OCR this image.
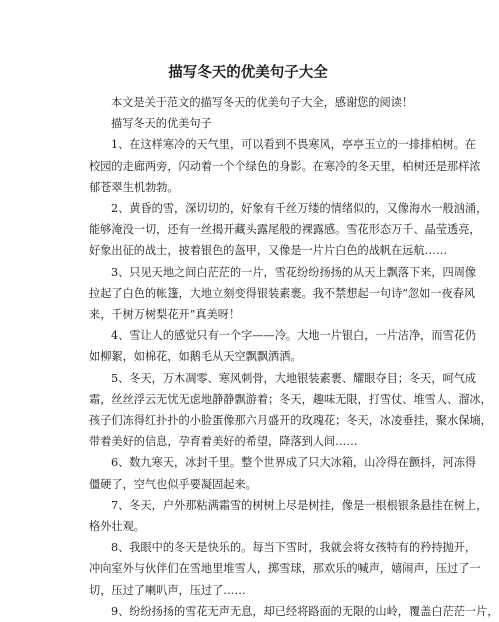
描写冬天的优美句子大全

本文是关于范文的描写冬天的优美句子大全，感谢您的阅读！

描写冬天的优美句子

1、在这样寒冷的天气里，可以看到不畏寒风，亭亭玉立的一排排柏树。在

校园的走廊两旁，闪动着一个个绿色的身影。在寒冷的冬天里，柏树还是那样浓

郁苍翠生机勃勃。

2、黄昏的雪，深切切的，好象有千丝万缕的情绪似的，又像海水一般汹涌，

能够淹没一切，还有一丝揭开藏头露尾般的裸露感。雪花形态万千、晶莹透亮，

好象出征的战士，披着银色的盔甲，又像是一片片白色的战帆在远航……

3、只见天地之间白茫茫的一片，雪花纷纷扬扬的从天上飘落下来，四周像

拉起了白色的帐篷，大地立刻变得银装素裹。我不禁想起一句诗“忽如一夜春风

来，千树万树梨花开”真美呀！

4、雪让人的感觉只有一个字——冷。大地一片银白，一片洁净，而雪花仍

如柳絮，如棉花，如鹅毛从天空飘飘洒洒。

5、冬天，万木凋零、寒风刺骨，大地银装素裹、耀眼夺目；冬天，呵气成

霜，丝丝浮云无忧无虑地静静飘游着；冬天，趣味无限，打雪仗、堆雪人、溜冰，

孩子们冻得红扑扑的小脸蛋像那六月盛开的玫瑰花；冬天，冰凌垂挂，聚水保墒，

带着美好的信息，孕育着美好的希望，降落到人间……

6、数九寒天，冰封千里。整个世界成了只大冰箱，山冷得在颤抖，河冻得

僵硬了，空气也似乎要凝固起来。

7、冬天，户外那粘满霜雪的树树上尽是树挂，像是一根根银条悬挂在树上，

格外壮观。

8、我眼中的冬天是快乐的。每当下雪时，我就会将女孩特有的矜持抛开，

冲向室外与伙伴们在雪地里堆雪人，掷雪球，那欢乐的喊声，嬉闹声，压过了一

切，压过了喇叭声，压过了……

9、纷纷扬扬的雪花无声无息，却已经将路面的无限的山岭，覆盖白茫茫一片，
